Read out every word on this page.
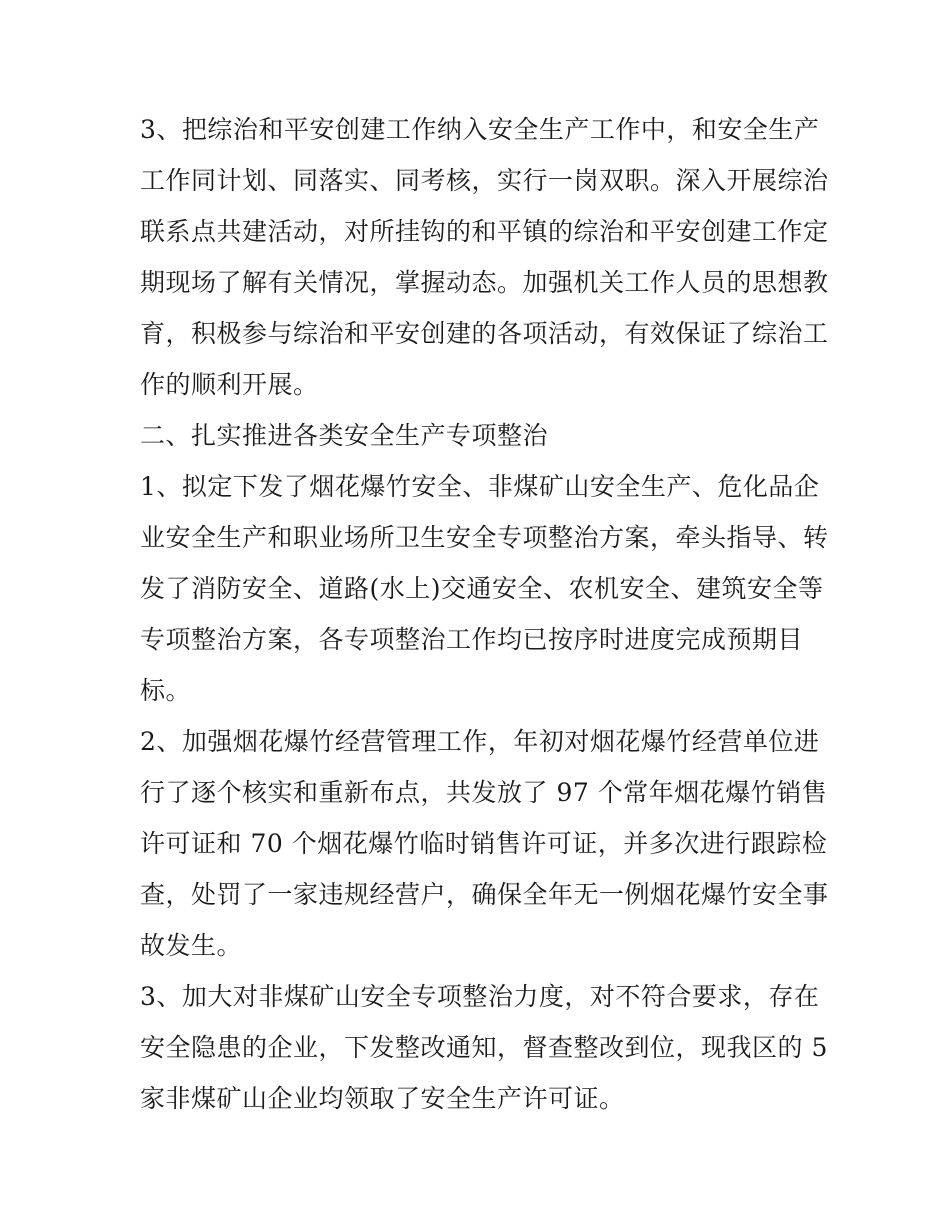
3、把综治和平安创建工作纳入安全生产工作中，和安全生产
工作同计划、同落实、同考核，实行一岗双职。深入开展综治
联系点共建活动，对所挂钩的和平镇的综治和平安创建工作定
期现场了解有关情况，掌握动态。加强机关工作人员的思想教
育，积极参与综治和平安创建的各项活动，有效保证了综治工
作的顺利开展。
二、扎实推进各类安全生产专项整治
1、拟定下发了烟花爆竹安全、非煤矿山安全生产、危化品企
业安全生产和职业场所卫生安全专项整治方案，牵头指导、转
发了消防安全、道路(水上)交通安全、农机安全、建筑安全等
专项整治方案，各专项整治工作均已按序时进度完成预期目
标。
2、加强烟花爆竹经营管理工作，年初对烟花爆竹经营单位进
行了逐个核实和重新布点，共发放了 97 个常年烟花爆竹销售
许可证和 70 个烟花爆竹临时销售许可证，并多次进行跟踪检
查，处罚了一家违规经营户，确保全年无一例烟花爆竹安全事
故发生。
3、加大对非煤矿山安全专项整治力度，对不符合要求，存在
安全隐患的企业，下发整改通知，督查整改到位，现我区的 5
家非煤矿山企业均领取了安全生产许可证。
